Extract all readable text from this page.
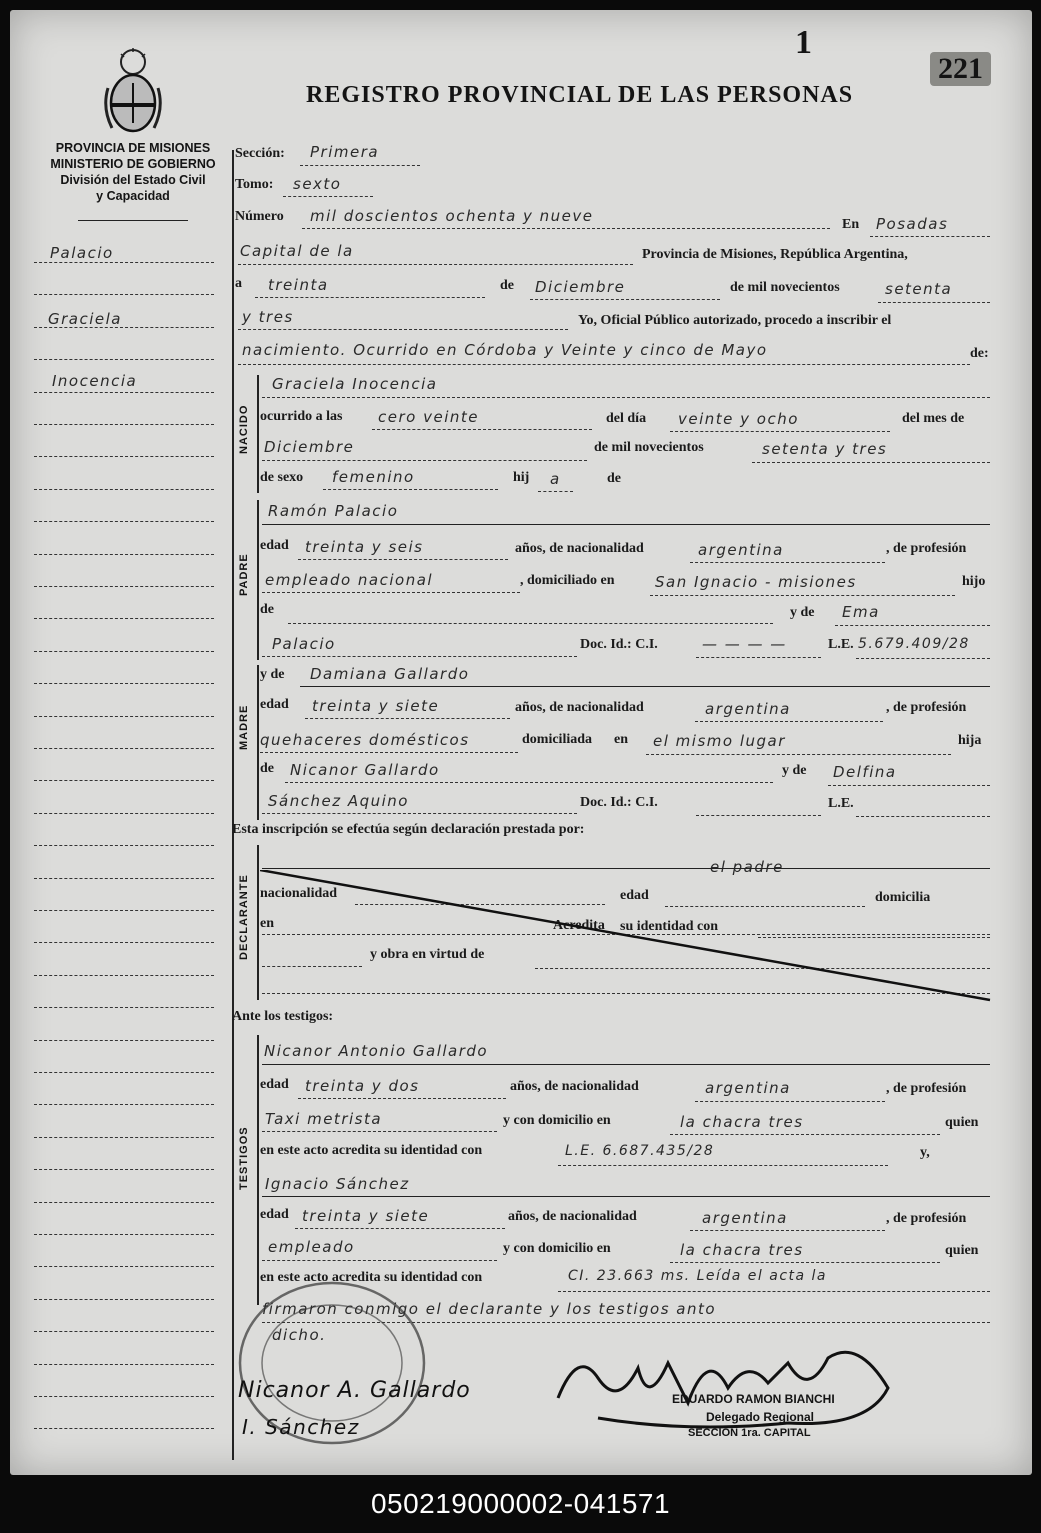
1
221
REGISTRO PROVINCIAL DE LAS PERSONAS
PROVINCIA DE MISIONES
MINISTERIO DE GOBIERNO
División del Estado Civil
y Capacidad
Palacio
Graciela
Inocencia
Sección: Primera
Tomo: sexto
Número mil doscientos ochenta y nueve	En Posadas
Capital de la	Provincia de Misiones, República Argentina,
a treinta	de Diciembre	de mil novecientos	setenta
y tres	Yo, Oficial Público autorizado, procedo a inscribir el
nacimiento. Ocurrido en Córdoba y Veinte y cinco de Mayo	de:
NACIDO
Graciela Inocencia
ocurrido a las cero veinte	del día veinte y ocho	del mes de
Diciembre	de mil novecientos	setenta y tres
de sexo femenino	hij a	de
PADRE
Ramón Palacio
edad treinta y seis	años, de nacionalidad	argentina	, de profesión
empleado nacional	, domiciliado en	San Ignacio - misiones	hijo
de	y de Ema
Palacio	Doc. Id.: C.I.	— — — —	L.E. 5.679.409/28
MADRE
y de Damiana Gallardo
edad treinta y siete	años, de nacionalidad	argentina	, de profesión
quehaceres domésticos	domiciliada en el mismo lugar	hija
de Nicanor Gallardo	y de Delfina
Sánchez Aquino	Doc. Id.: C.I.	L.E.
Esta inscripción se efectúa según declaración prestada por:
DECLARANTE
el padre
nacionalidad	edad	domicilia
en	Acredita su identidad con
y obra en virtud de
Ante los testigos:
TESTIGOS
Nicanor Antonio Gallardo
edad treinta y dos	años, de nacionalidad	argentina	, de profesión
Taxi metrista	y con domicilio en	la chacra tres	quien
en este acto acredita su identidad con	L.E. 6.687.435/28	y,
Ignacio Sánchez
edad treinta y siete	años, de nacionalidad	argentina	, de profesión
empleado	y con domicilio en	la chacra tres	quien
en este acto acredita su identidad con	CI. 23.663 ms. Leída el acta la
firmaron conmigo el declarante y los testigos anto
dicho.
Nicanor A. Gallardo
I. Sánchez
EDUARDO RAMON BIANCHI
Delegado Regional
SECCION 1ra. CAPITAL
050219000002-041571
